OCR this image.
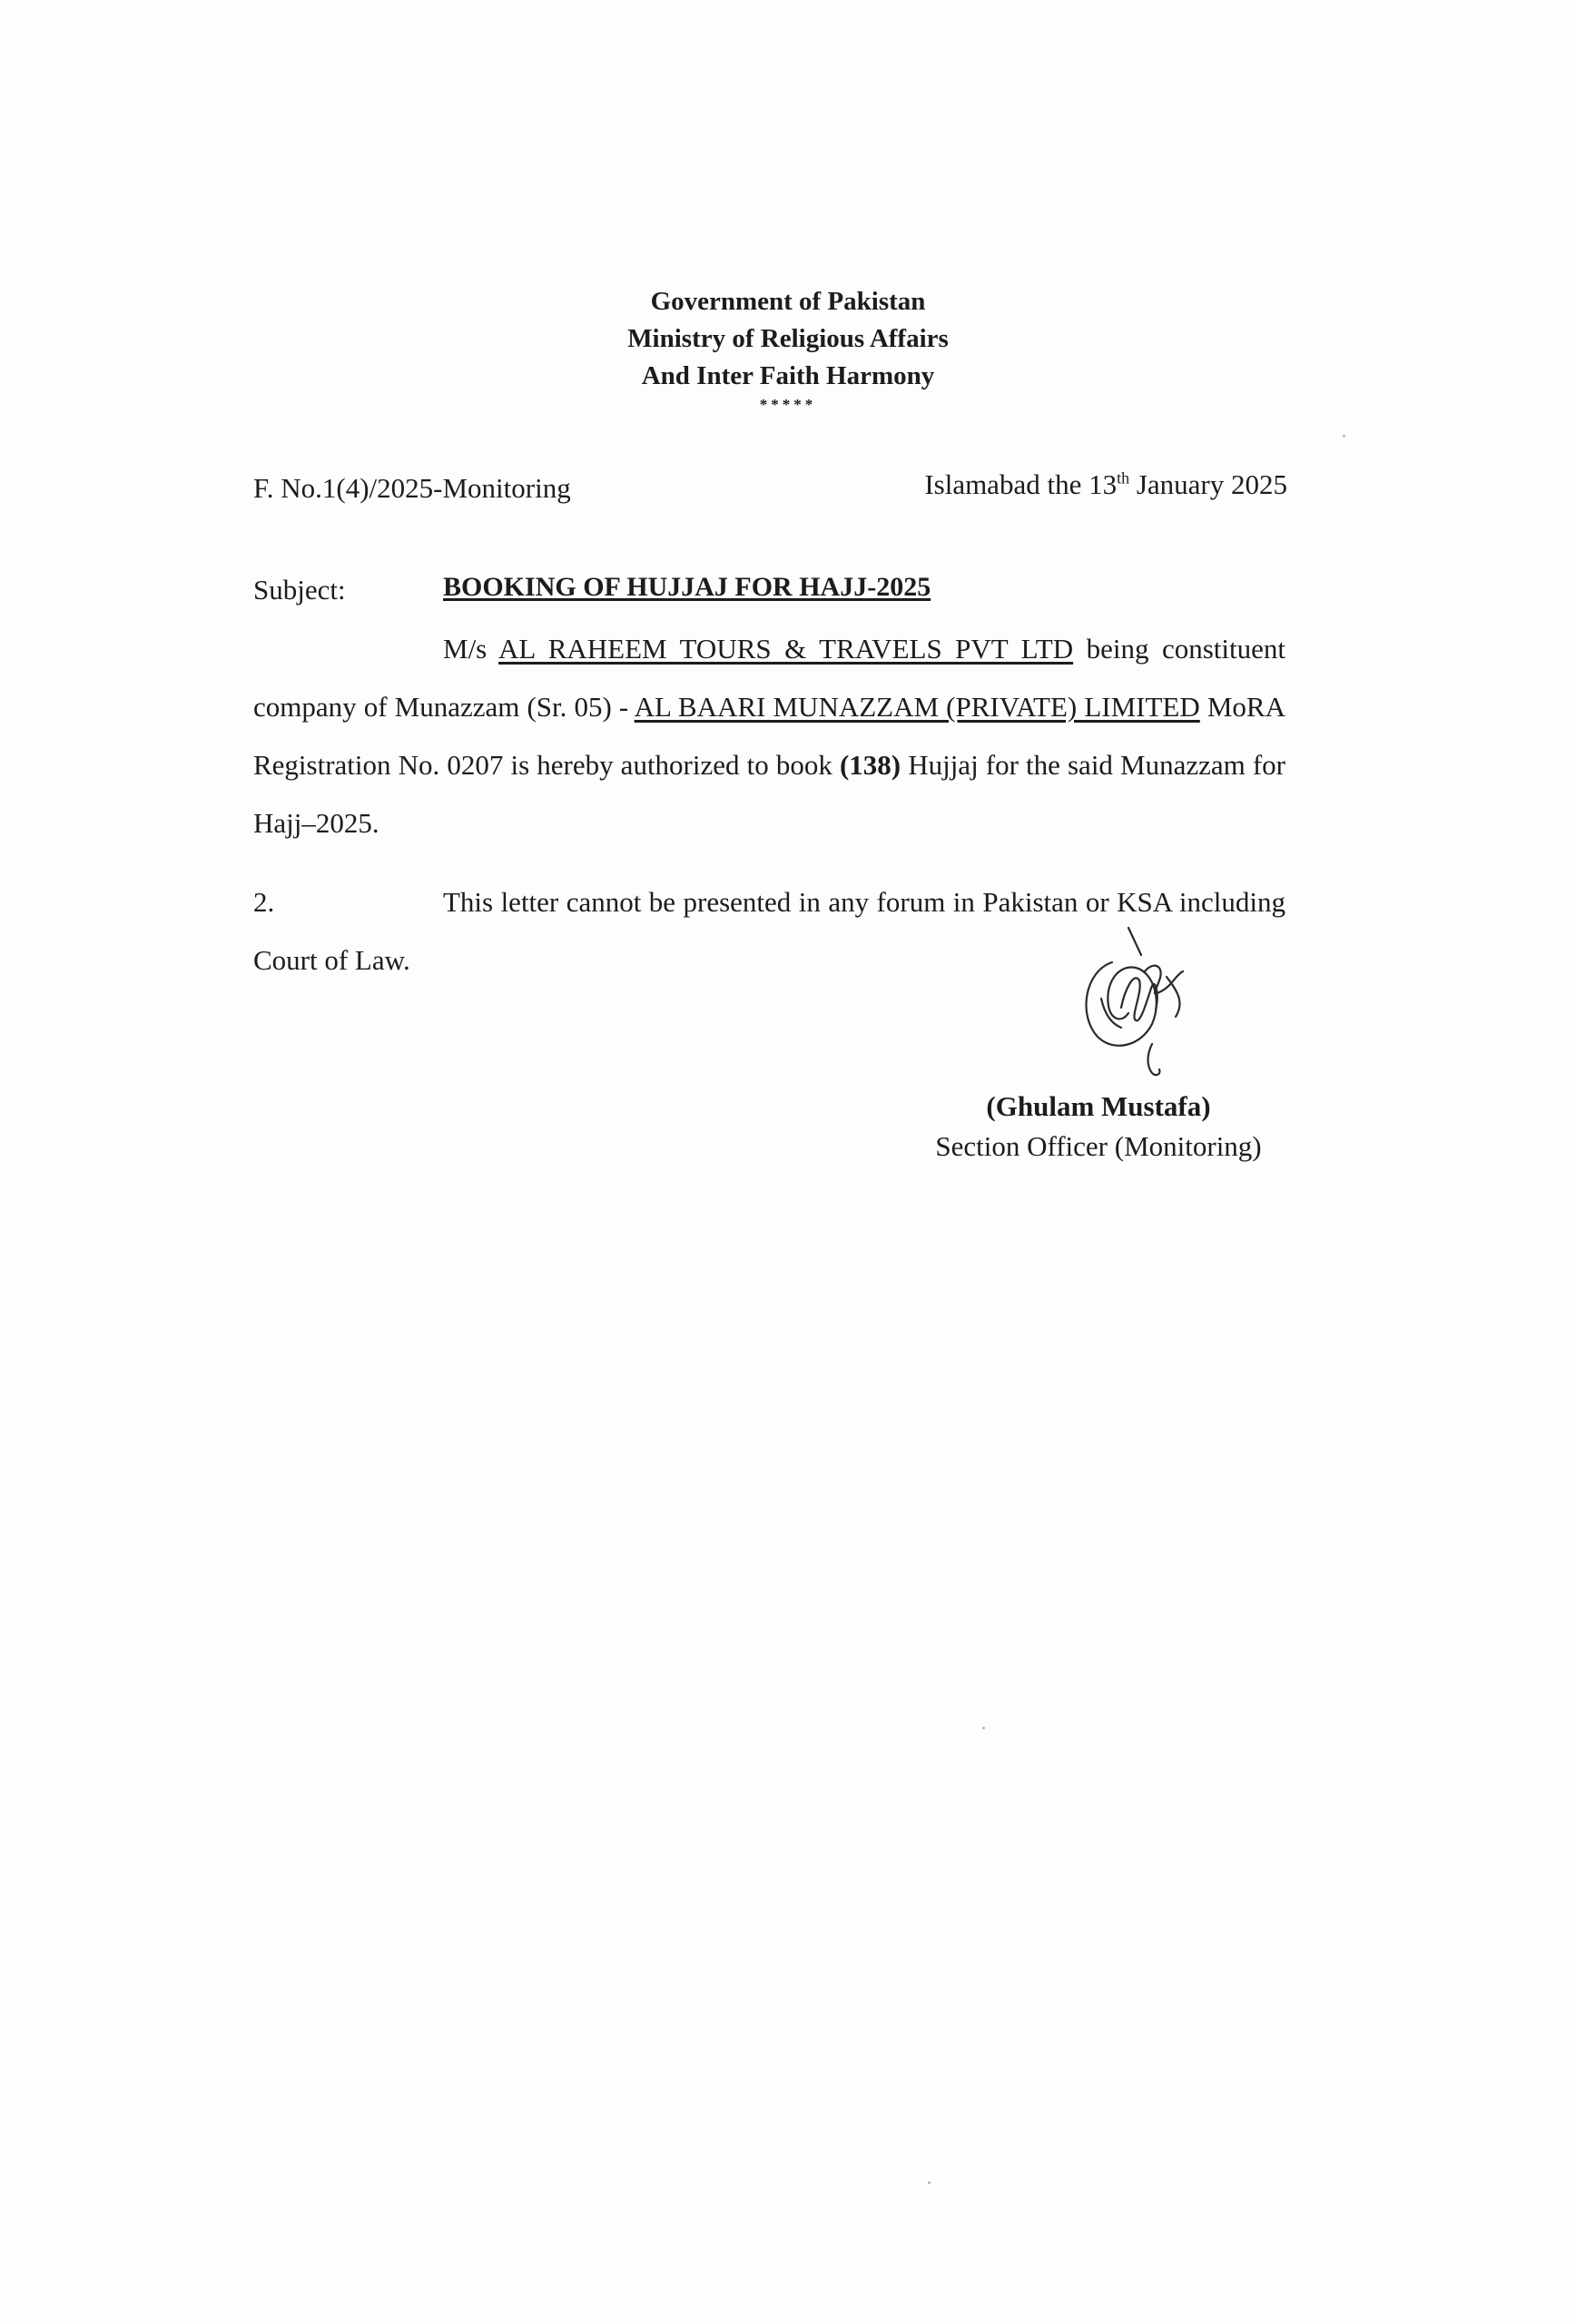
Government of Pakistan
Ministry of Religious Affairs
And Inter Faith Harmony
*****
F. No.1(4)/2025-Monitoring	Islamabad the 13th January 2025
Subject:	BOOKING OF HUJJAJ FOR HAJJ-2025
M/s AL RAHEEM TOURS & TRAVELS PVT LTD being constituent company of Munazzam (Sr. 05) - AL BAARI MUNAZZAM (PRIVATE) LIMITED MoRA Registration No. 0207 is hereby authorized to book (138) Hujjaj for the said Munazzam for Hajj–2025.
2.	This letter cannot be presented in any forum in Pakistan or KSA including Court of Law.
(Ghulam Mustafa)
Section Officer (Monitoring)
